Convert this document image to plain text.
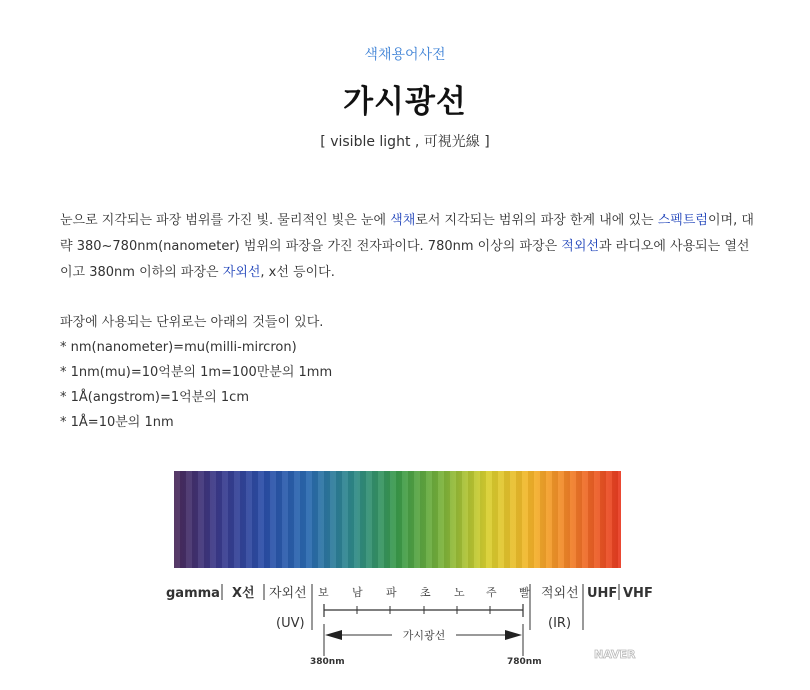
색채용어사전
가시광선
[ visible light , 可視光線 ]

눈으로 지각되는 파장 범위를 가진 빛. 물리적인 빛은 눈에 색채로서 지각되는 범위의 파장 한계 내에 있는 스펙트럼이며, 대략 380~780nm(nanometer) 범위의 파장을 가진 전자파이다. 780nm 이상의 파장은 적외선과 라디오에 사용되는 열선이고 380nm 이하의 파장은 자외선, x선 등이다.

파장에 사용되는 단위로는 아래의 것들이 있다.
* nm(nanometer)=mu(milli-mircron)
* 1nm(mu)=10억분의 1m=100만분의 1mm
* 1Å(angstrom)=1억분의 1cm
* 1Å=10분의 1nm
gamma X선 자외선
(UV)
보 남 파 초 노 주 빨
가시광선
380nm	780nm
적외선
(IR)
UHF VHF
NAVER
